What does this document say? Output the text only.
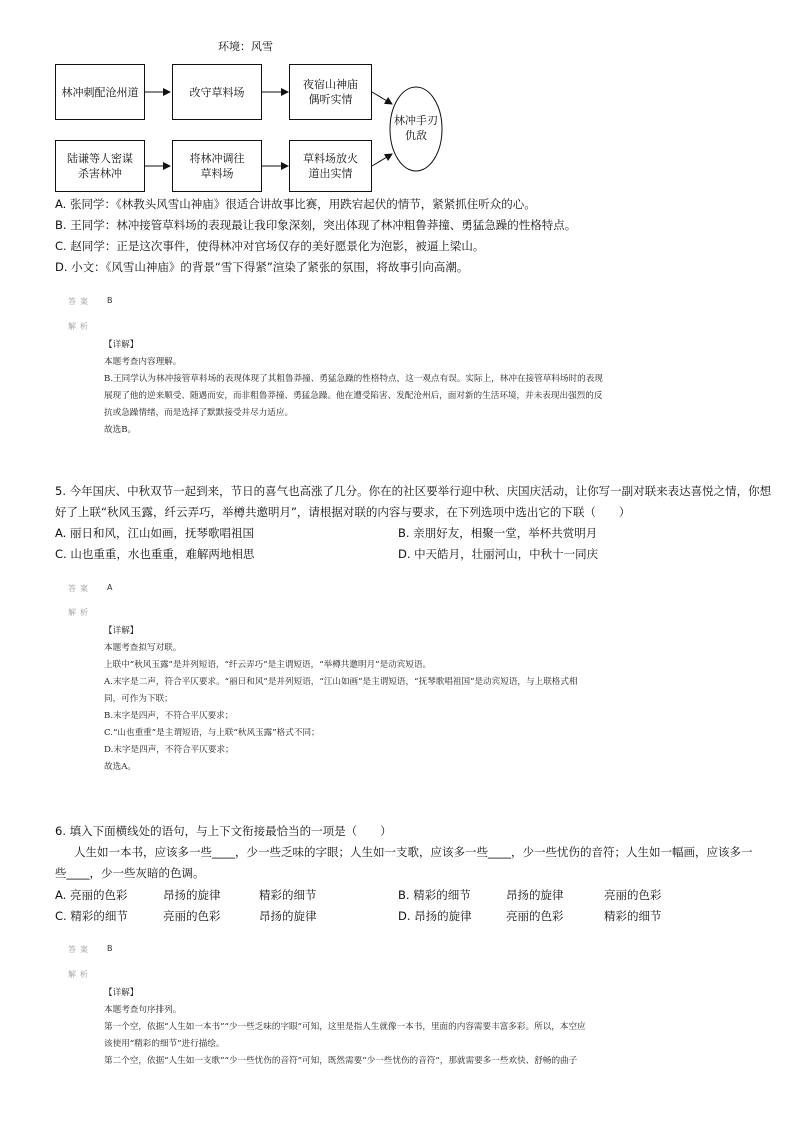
环境：风雪
林冲刺配沧州道	改守草料场
夜宿山神庙
偶听实情
陆谦等人密谋
杀害林冲
将林冲调往
草料场
草料场放火
道出实情
林冲手刃
仇敌
A. 张同学：《林教头风雪山神庙》很适合讲故事比赛，用跌宕起伏的情节，紧紧抓住听众的心。
B. 王同学：林冲接管草料场的表现最让我印象深刻，突出体现了林冲粗鲁莽撞、勇猛急躁的性格特点。
C. 赵同学：正是这次事件，使得林冲对官场仅存的美好愿景化为泡影，被逼上梁山。
D. 小文：《风雪山神庙》的背景“雪下得紧”渲染了紧张的氛围，将故事引向高潮。
答案 B
解析
【详解】
本题考查内容理解。
B.王同学认为林冲接管草料场的表现体现了其粗鲁莽撞、勇猛急躁的性格特点，这一观点有误。实际上，林冲在接管草料场时的表现
展现了他的逆来顺受、随遇而安，而非粗鲁莽撞、勇猛急躁。他在遭受陷害、发配沧州后，面对新的生活环境，并未表现出强烈的反
抗或急躁情绪，而是选择了默默接受并尽力适应。
故选B。
5. 今年国庆、中秋双节一起到来，节日的喜气也高涨了几分。你在的社区要举行迎中秋、庆国庆活动，让你写一副对联来表达喜悦之情，你想
好了上联“秋风玉露，纤云弄巧，举樽共邀明月”，请根据对联的内容与要求，在下列选项中选出它的下联（　　）
A. 丽日和风，江山如画，抚琴歌唱祖国	B. 亲朋好友，相聚一堂，举杯共赏明月
C. 山也重重，水也重重，难解两地相思	D. 中天皓月，壮丽河山，中秋十一同庆
答案 A
解析
【详解】
本题考查拟写对联。
上联中“秋风玉露”是并列短语，“纤云弄巧”是主谓短语，“举樽共邀明月”是动宾短语。
A.末字是二声，符合平仄要求。“丽日和风”是并列短语，“江山如画”是主谓短语，“抚琴歌唱祖国”是动宾短语，与上联格式相
同，可作为下联；
B.末字是四声，不符合平仄要求；
C.“山也重重”是主谓短语，与上联“秋风玉露”格式不同；
D.末字是四声，不符合平仄要求；
故选A。
6. 填入下面横线处的语句，与上下文衔接最恰当的一项是（　　）
人生如一本书，应该多一些____，少一些乏味的字眼；人生如一支歌，应该多一些____，少一些忧伤的音符；人生如一幅画，应该多一
些____，少一些灰暗的色调。
A. 亮丽的色彩	昂扬的旋律	精彩的细节	B. 精彩的细节	昂扬的旋律	亮丽的色彩
C. 精彩的细节	亮丽的色彩	昂扬的旋律	D. 昂扬的旋律	亮丽的色彩	精彩的细节
答案 B
解析
【详解】
本题考查句序排列。
第一个空，依据“人生如一本书”“少一些乏味的字眼”可知，这里是指人生就像一本书，里面的内容需要丰富多彩。所以，本空应
该使用“精彩的细节”进行描绘。
第二个空，依据“人生如一支歌”“少一些忧伤的音符”可知，既然需要“少一些忧伤的音符”，那就需要多一些欢快、舒畅的曲子
